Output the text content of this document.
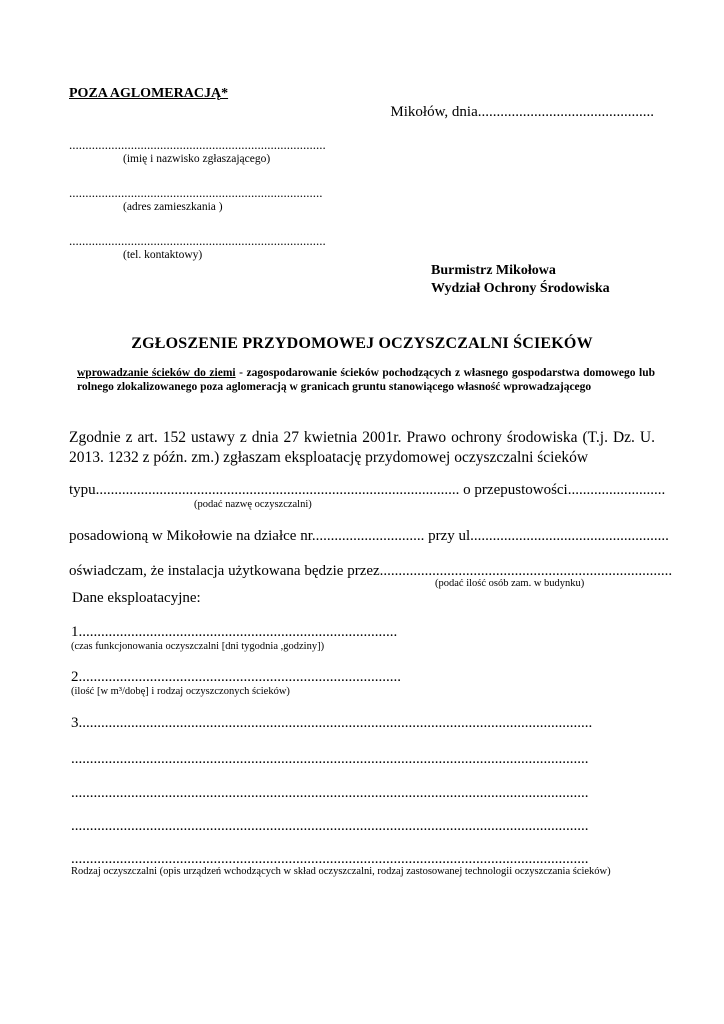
POZA AGLOMERACJĄ*
Mikołów, dnia...............................................
...............................................................................
(imię i nazwisko zgłaszającego)
..............................................................................
(adres zamieszkania )
...............................................................................
(tel. kontaktowy)
Burmistrz Mikołowa
Wydział Ochrony Środowiska
ZGŁOSZENIE PRZYDOMOWEJ OCZYSZCZALNI ŚCIEKÓW
wprowadzanie ścieków do ziemi - zagospodarowanie ścieków pochodzących z własnego gospodarstwa domowego lub rolnego zlokalizowanego poza aglomeracją w granicach gruntu stanowiącego własność wprowadzającego
Zgodnie z art. 152 ustawy z dnia 27 kwietnia 2001r. Prawo ochrony środowiska (T.j. Dz. U. 2013. 1232 z późn. zm.) zgłaszam eksploatację przydomowej oczyszczalni ścieków
typu................................................................................................. o przepustowości..........................
(podać nazwę oczyszczalni)
posadowioną w Mikołowie na działce nr.............................. przy ul.....................................................
oświadczam, że instalacja użytkowana będzie przez..............................................................................
(podać ilość osób zam. w budynku)
Dane eksploatacyjne:
1.....................................................................................
(czas funkcjonowania oczyszczalni [dni tygodnia ,godziny])
2......................................................................................
(ilość [w m³/dobę] i rodzaj oczyszczonych ścieków)
3.........................................................................................................................................
..........................................................................................................................................
..........................................................................................................................................
..........................................................................................................................................
..........................................................................................................................................
Rodzaj oczyszczalni (opis urządzeń wchodzących w skład oczyszczalni, rodzaj zastosowanej technologii oczyszczania ścieków)
